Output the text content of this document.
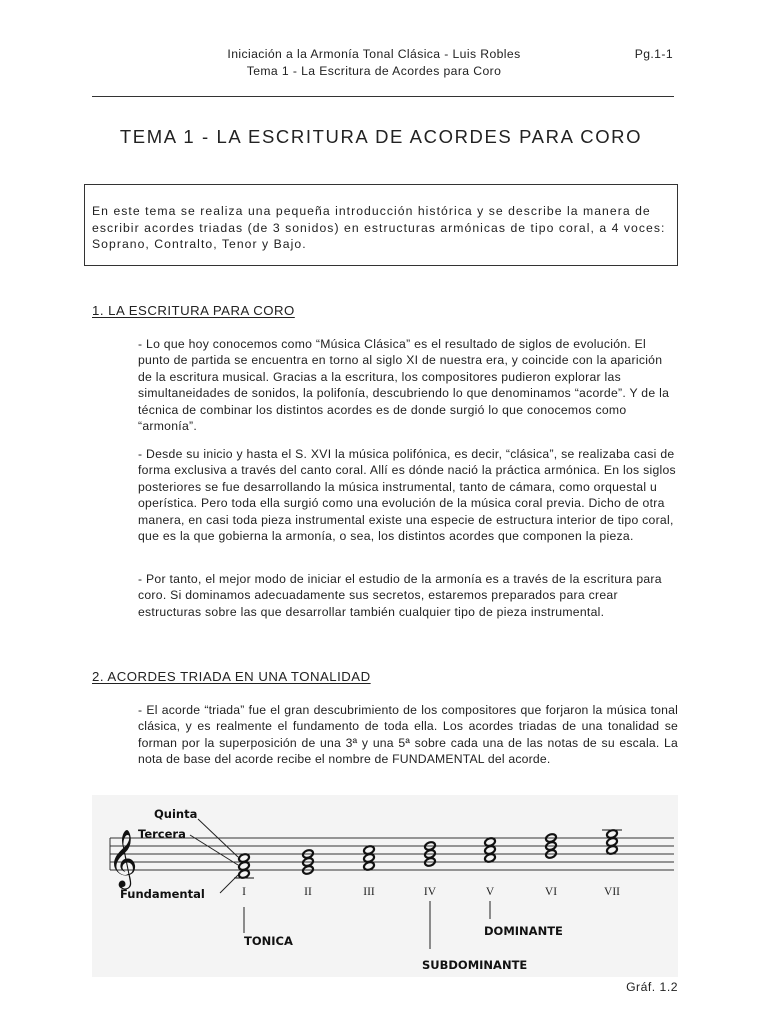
Iniciación a la Armonía Tonal Clásica - Luis Robles
Tema 1 - La Escritura de Acordes para Coro
Pg.1-1
TEMA 1 - LA ESCRITURA DE ACORDES PARA CORO
En este tema se realiza una pequeña introducción histórica y se describe la manera de escribir acordes triadas (de 3 sonidos) en estructuras armónicas de tipo coral, a 4 voces: Soprano, Contralto, Tenor y Bajo.
1. LA ESCRITURA PARA CORO
- Lo que hoy conocemos como “Música Clásica” es el resultado de siglos de evolución. El punto de partida se encuentra en torno al siglo XI de nuestra era, y coincide con la aparición de la escritura musical. Gracias a la escritura, los compositores pudieron explorar las simultaneidades de sonidos, la polifonía, descubriendo lo que denominamos “acorde”. Y de la técnica de combinar los distintos acordes es de donde surgió lo que conocemos como “armonía”.
- Desde su inicio y hasta el S. XVI la música polifónica, es decir, “clásica”, se realizaba casi de forma exclusiva a través del canto coral. Allí es dónde nació la práctica armónica. En los siglos posteriores se fue desarrollando la música instrumental, tanto de cámara, como orquestal u operística. Pero toda ella surgió como una evolución de la música coral previa. Dicho de otra manera, en casi toda pieza instrumental existe una especie de estructura interior de tipo coral, que es la que gobierna la armonía, o sea, los distintos acordes que componen la pieza.
- Por tanto, el mejor modo de iniciar el estudio de la armonía es a través de la escritura para coro. Si dominamos adecuadamente sus secretos, estaremos preparados para crear estructuras sobre las que desarrollar también cualquier tipo de pieza instrumental.
2. ACORDES TRIADA EN UNA TONALIDAD
- El acorde “triada” fue el gran descubrimiento de los compositores que forjaron la música tonal clásica, y es realmente el fundamento de toda ella. Los acordes triadas de una tonalidad se forman por la superposición de una 3ª y una 5ª sobre cada una de las notas de su escala. La nota de base del acorde recibe el nombre de FUNDAMENTAL del acorde.
𝄞
Quinta
Tercera
Fundamental
TONICA
DOMINANTE
SUBDOMINANTE
I	II	III	IV	V	VI	VII
Gráf. 1.2
